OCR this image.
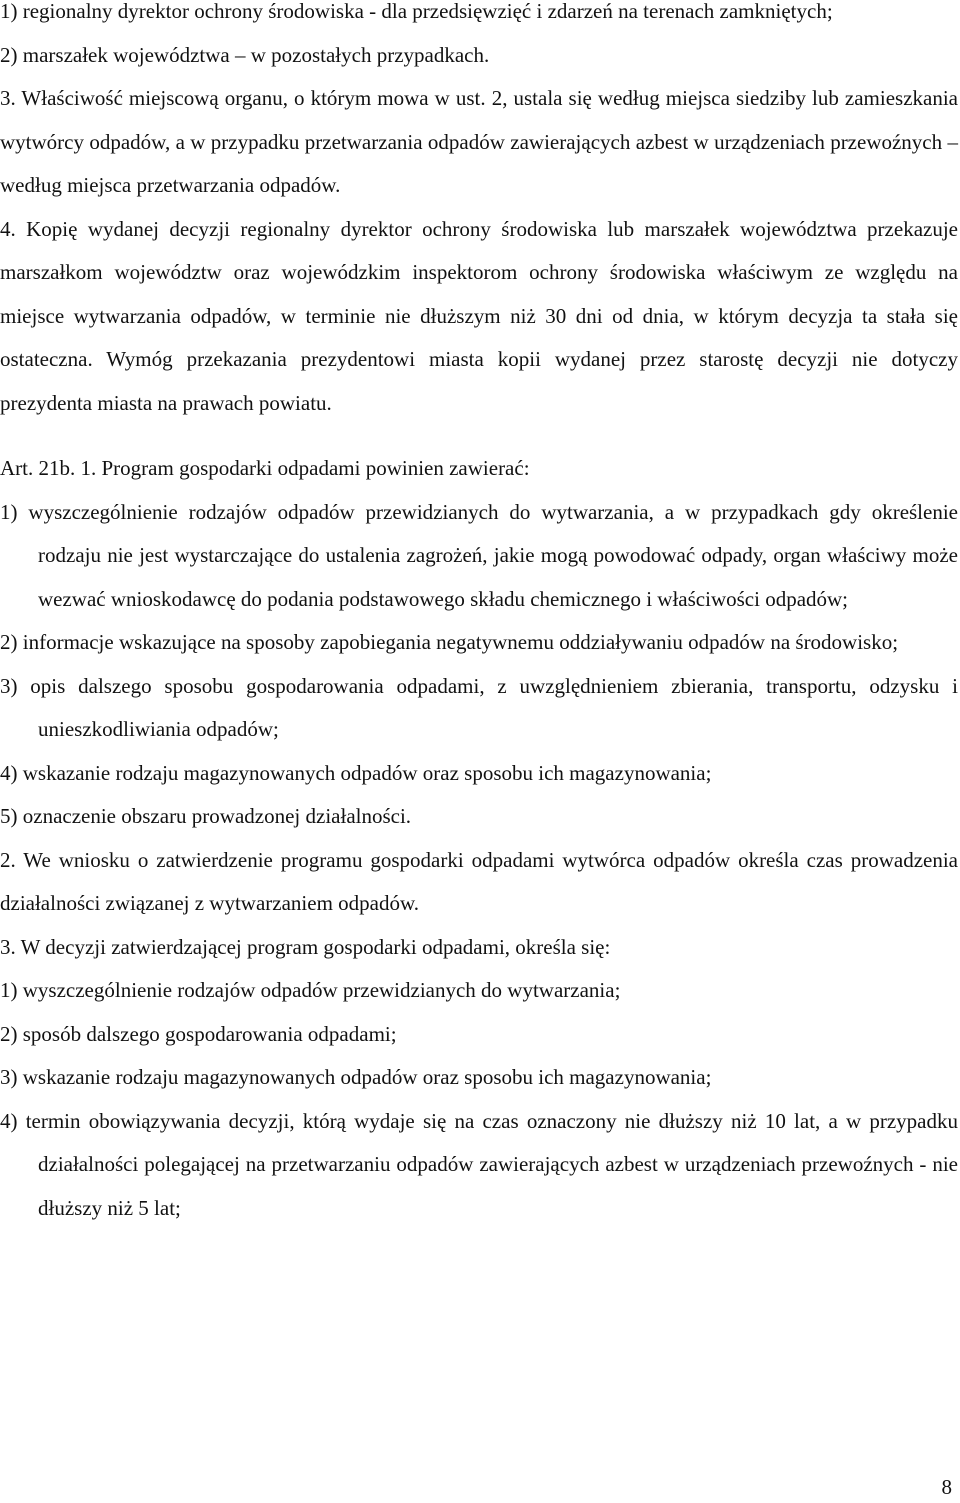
1) regionalny dyrektor ochrony środowiska - dla przedsięwzięć i zdarzeń na terenach zamkniętych;

2) marszałek województwa – w pozostałych przypadkach.

3. Właściwość miejscową organu, o którym mowa w ust. 2, ustala się według miejsca siedziby lub zamieszkania wytwórcy odpadów, a w przypadku przetwarzania odpadów zawierających azbest w urządzeniach przewoźnych – według miejsca przetwarzania odpadów.

4. Kopię wydanej decyzji regionalny dyrektor ochrony środowiska lub marszałek województwa przekazuje marszałkom województw oraz wojewódzkim inspektorom ochrony środowiska właściwym ze względu na miejsce wytwarzania odpadów, w terminie nie dłuższym niż 30 dni od dnia, w którym decyzja ta stała się ostateczna. Wymóg przekazania prezydentowi miasta kopii wydanej przez starostę decyzji nie dotyczy prezydenta miasta na prawach powiatu.

Art. 21b. 1. Program gospodarki odpadami powinien zawierać:

1) wyszczególnienie rodzajów odpadów przewidzianych do wytwarzania, a w przypadkach gdy określenie rodzaju nie jest wystarczające do ustalenia zagrożeń, jakie mogą powodować odpady, organ właściwy może wezwać wnioskodawcę do podania podstawowego składu chemicznego i właściwości odpadów;

2) informacje wskazujące na sposoby zapobiegania negatywnemu oddziaływaniu odpadów na środowisko;

3) opis dalszego sposobu gospodarowania odpadami, z uwzględnieniem zbierania, transportu, odzysku i unieszkodliwiania odpadów;

4) wskazanie rodzaju magazynowanych odpadów oraz sposobu ich magazynowania;

5) oznaczenie obszaru prowadzonej działalności.

2. We wniosku o zatwierdzenie programu gospodarki odpadami wytwórca odpadów określa czas prowadzenia działalności związanej z wytwarzaniem odpadów.

3. W decyzji zatwierdzającej program gospodarki odpadami, określa się:

1) wyszczególnienie rodzajów odpadów przewidzianych do wytwarzania;

2) sposób dalszego gospodarowania odpadami;

3) wskazanie rodzaju magazynowanych odpadów oraz sposobu ich magazynowania;

4) termin obowiązywania decyzji, którą wydaje się na czas oznaczony nie dłuższy niż 10 lat, a w przypadku działalności polegającej na przetwarzaniu odpadów zawierających azbest w urządzeniach przewoźnych - nie dłuższy niż 5 lat;

8
